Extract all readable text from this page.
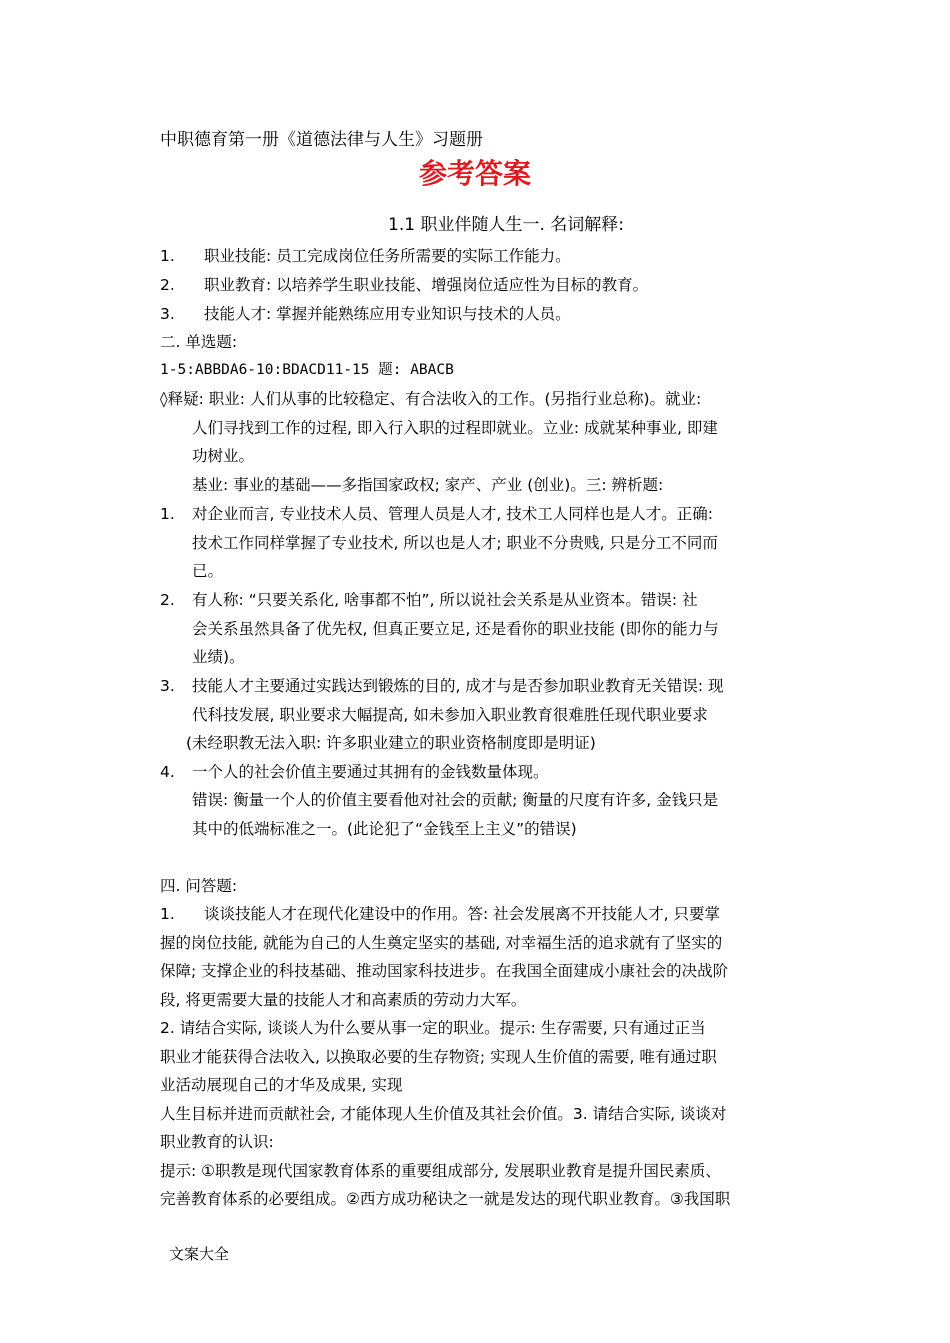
中职德育第一册《道德法律与人生》习题册
参考答案
1.1 职业伴随人生一. 名词解释:
1. 职业技能: 员工完成岗位任务所需要的实际工作能力。
2. 职业教育: 以培养学生职业技能、增强岗位适应性为目标的教育。
3. 技能人才: 掌握并能熟练应用专业知识与技术的人员。
二. 单选题:
1-5:ABBDA6-10:BDACD11-15 题: ABACB
◊释疑: 职业: 人们从事的比较稳定、有合法收入的工作。(另指行业总称)。就业:
人们寻找到工作的过程, 即入行入职的过程即就业。立业: 成就某种事业, 即建
功树业。
基业: 事业的基础——多指国家政权; 家产、产业 (创业)。三: 辨析题:
1. 对企业而言, 专业技术人员、管理人员是人才, 技术工人同样也是人才。正确:
技术工作同样掌握了专业技术, 所以也是人才; 职业不分贵贱, 只是分工不同而
已。
2. 有人称: “只要关系化, 啥事都不怕”, 所以说社会关系是从业资本。错误: 社
会关系虽然具备了优先权, 但真正要立足, 还是看你的职业技能 (即你的能力与
业绩)。
3. 技能人才主要通过实践达到锻炼的目的, 成才与是否参加职业教育无关错误: 现
代科技发展, 职业要求大幅提高, 如未参加入职业教育很难胜任现代职业要求
(未经职教无法入职: 许多职业建立的职业资格制度即是明证)
4. 一个人的社会价值主要通过其拥有的金钱数量体现。
错误: 衡量一个人的价值主要看他对社会的贡献; 衡量的尺度有许多, 金钱只是
其中的低端标准之一。(此论犯了“金钱至上主义”的错误)
四. 问答题:
1. 谈谈技能人才在现代化建设中的作用。答: 社会发展离不开技能人才, 只要掌
握的岗位技能, 就能为自己的人生奠定坚实的基础, 对幸福生活的追求就有了坚实的
保障; 支撑企业的科技基础、推动国家科技进步。在我国全面建成小康社会的决战阶
段, 将更需要大量的技能人才和高素质的劳动力大军。
2. 请结合实际, 谈谈人为什么要从事一定的职业。提示: 生存需要, 只有通过正当
职业才能获得合法收入, 以换取必要的生存物资; 实现人生价值的需要, 唯有通过职
业活动展现自己的才华及成果, 实现
人生目标并进而贡献社会, 才能体现人生价值及其社会价值。3. 请结合实际, 谈谈对
职业教育的认识:
提示: ①职教是现代国家教育体系的重要组成部分, 发展职业教育是提升国民素质、
完善教育体系的必要组成。②西方成功秘诀之一就是发达的现代职业教育。③我国职
文案大全
